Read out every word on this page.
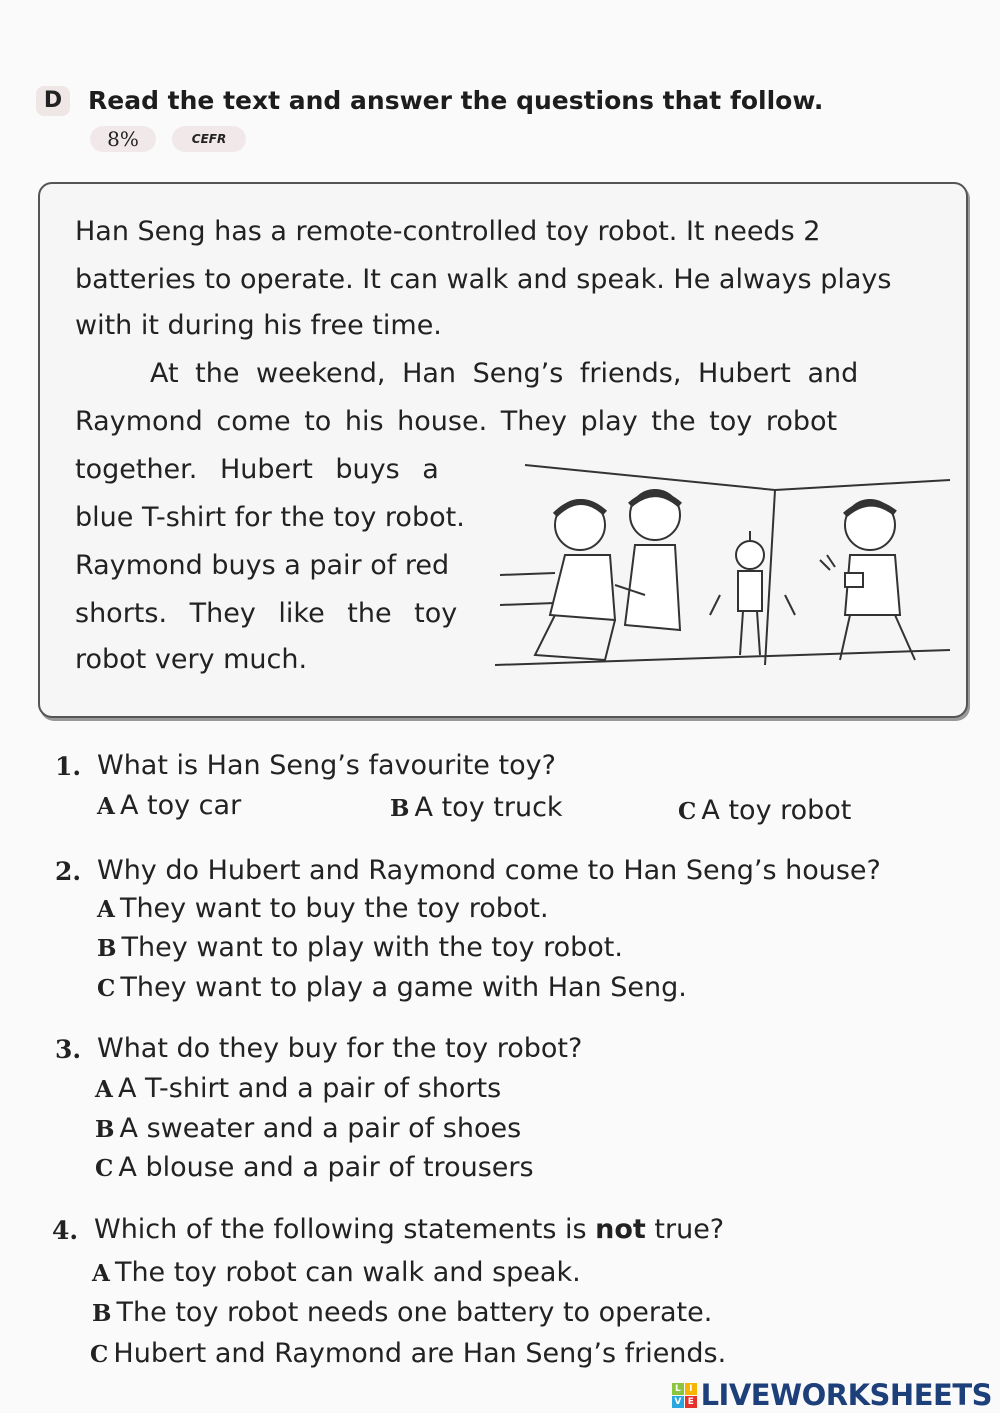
D	Read the text and answer the questions that follow.
8%	CEFR
Han Seng has a remote-controlled toy robot. It needs 2
batteries to operate. It can walk and speak. He always plays
with it during his free time.
At the weekend, Han Seng’s friends, Hubert and
Raymond come to his house. They play the toy robot
together. Hubert buys a
blue T-shirt for the toy robot.
Raymond buys a pair of red
shorts. They like the toy
robot very much.
1. What is Han Seng’s favourite toy?
A A toy car	B A toy truck	C A toy robot
2. Why do Hubert and Raymond come to Han Seng’s house?
A They want to buy the toy robot.
B They want to play with the toy robot.
C They want to play a game with Han Seng.
3. What do they buy for the toy robot?
A A T-shirt and a pair of shorts
B A sweater and a pair of shoes
C A blouse and a pair of trousers
4. Which of the following statements is not true?
A The toy robot can walk and speak.
B The toy robot needs one battery to operate.
C Hubert and Raymond are Han Seng’s friends.
L I
V E LIVEWORKSHEETS
